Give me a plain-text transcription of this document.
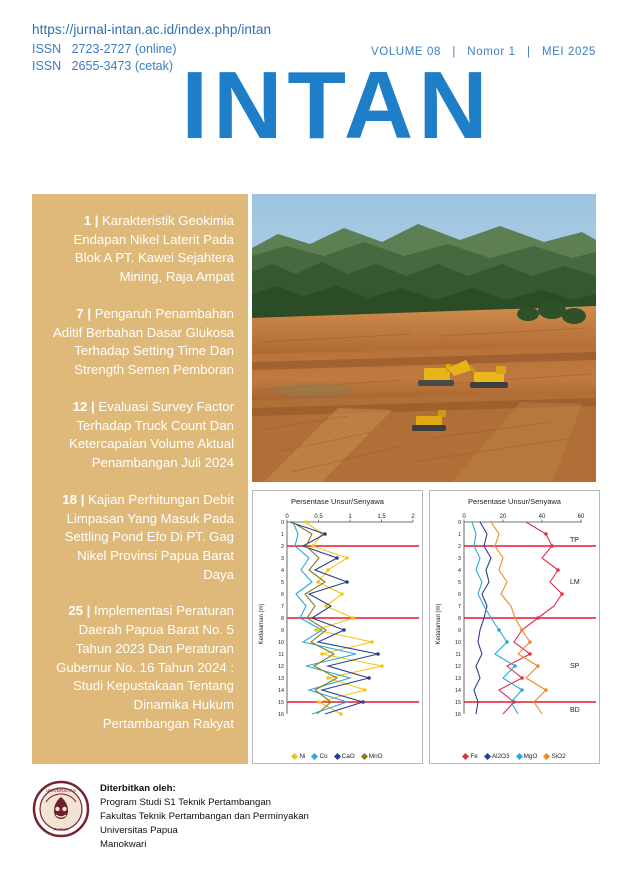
https://jurnal-intan.ac.id/index.php/intan
ISSN   2723-2727 (online)
ISSN   2655-3473 (cetak)
VOLUME 08   |   Nomor 1   |   MEI 2025
INTAN
1 | Karakteristik Geokimia Endapan Nikel Laterit Pada Blok A PT. Kawei Sejahtera Mining, Raja Ampat
7 | Pengaruh Penambahan Aditif Berbahan Dasar Glukosa Terhadap Setting Time Dan Strength Semen Pemboran
12 | Evaluasi Survey Factor Terhadap Truck Count Dan Ketercapaian Volume Aktual Penambangan Juli 2024
18 | Kajian Perhitungan Debit Limpasan Yang Masuk Pada Settling Pond Efo Di PT. Gag Nikel Provinsi Papua Barat Daya
25 | Implementasi Peraturan Daerah Papua Barat No. 5 Tahun 2023 Dan Peraturan Gubernur No. 16 Tahun 2024 : Studi Kepustakaan Tentang Dinamika Hukum Pertambangan Rakyat
Persentase Unsur/Senyawa
0	0.5	1	1.5	2
0
1
2
3
4
5
6
7
8
9
10
11
12
13
14
15
16
Kedalaman (m)
Ni Co CaO MnO
Persentase Unsur/Senyawa
0	20	40	60
0
1
2
3
4
5
6
7
8
9
10
11
12
13
14
15
16
Kedalaman (m)
TP
LM
SP
BD
Fe Al2O3 MgO SiO2
UNIVERSITAS
PAPUA
Diterbitkan oleh:
Program Studi S1 Teknik Pertambangan
Fakultas Teknik Pertambangan dan Perminyakan
Universitas Papua
Manokwari
